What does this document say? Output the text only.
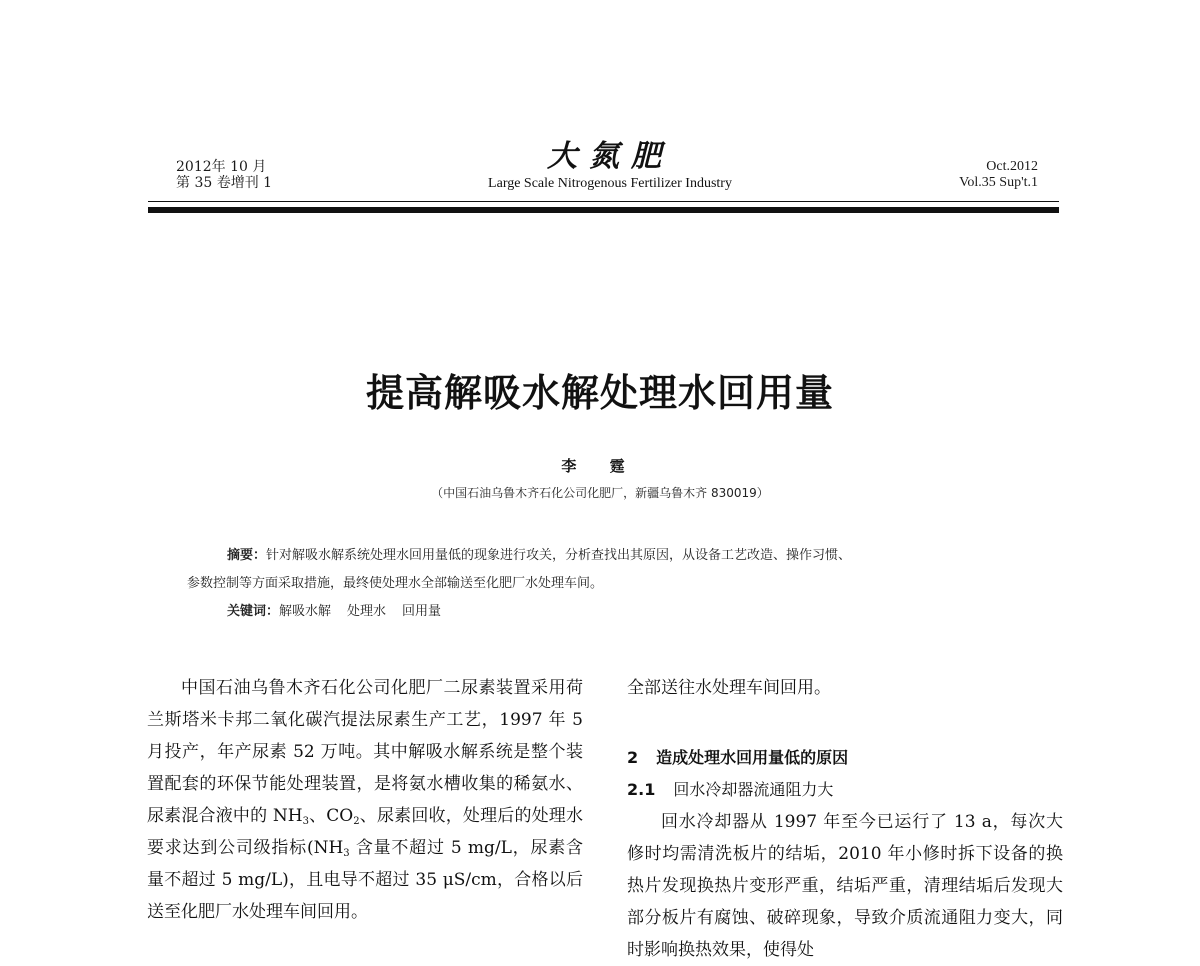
2012年 10 月
第 35 卷增刊 1
大氮肥
Large Scale Nitrogenous Fertilizer Industry
Oct.2012
Vol.35 Sup't.1
提高解吸水解处理水回用量
李 霆
（中国石油乌鲁木齐石化公司化肥厂，新疆乌鲁木齐 830019）
摘要：针对解吸水解系统处理水回用量低的现象进行攻关，分析查找出其原因，从设备工艺改造、操作习惯、
参数控制等方面采取措施，最终使处理水全部输送至化肥厂水处理车间。
关键词：解吸水解 处理水 回用量

中国石油乌鲁木齐石化公司化肥厂二尿素装置采用荷兰斯塔米卡邦二氧化碳汽提法尿素生产工艺，1997 年 5 月投产，年产尿素 52 万吨。其中解吸水解系统是整个装置配套的环保节能处理装置，是将氨水槽收集的稀氨水、尿素混合液中的 $NH_3$、$CO_2$、尿素回收，处理后的处理水要求达到公司级指标($NH_3$ 含量不超过 5 mg/L，尿素含量不超过 5 mg/L)，且电导不超过 35 μS/cm，合格以后送至化肥厂水处理车间回用。

全部送往水处理车间回用。

2 造成处理水回用量低的原因

2.1 回水冷却器流通阻力大

回水冷却器从 1997 年至今已运行了 13 a，每次大修时均需清洗板片的结垢，2010 年小修时拆下设备的换热片发现换热片变形严重，结垢严重，清理结垢后发现大部分板片有腐蚀、破碎现象，导致介质流通阻力变大，同时影响换热效果，使得处
